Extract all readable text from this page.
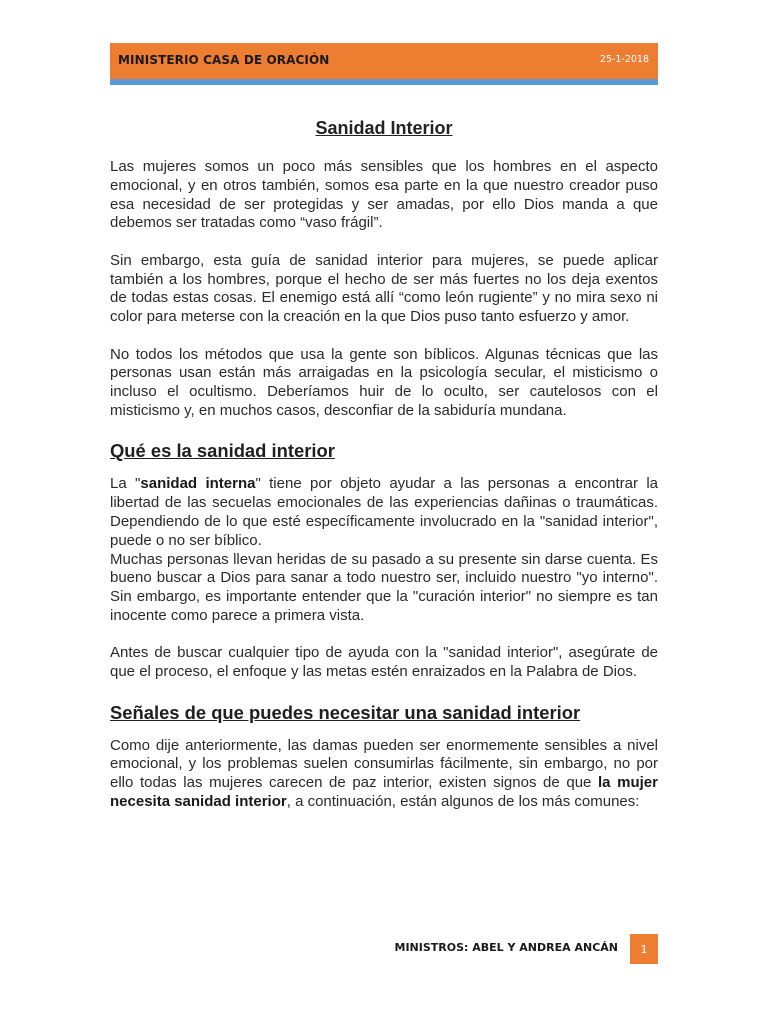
MINISTERIO CASA DE ORACIÓN	25-1-2018
Sanidad Interior

Las mujeres somos un poco más sensibles que los hombres en el aspecto emocional, y en otros también, somos esa parte en la que nuestro creador puso esa necesidad de ser protegidas y ser amadas, por ello Dios manda a que debemos ser tratadas como “vaso frágil”.

Sin embargo, esta guía de sanidad interior para mujeres, se puede aplicar también a los hombres, porque el hecho de ser más fuertes no los deja exentos de todas estas cosas. El enemigo está allí “como león rugiente” y no mira sexo ni color para meterse con la creación en la que Dios puso tanto esfuerzo y amor.

No todos los métodos que usa la gente son bíblicos. Algunas técnicas que las personas usan están más arraigadas en la psicología secular, el misticismo o incluso el ocultismo. Deberíamos huir de lo oculto, ser cautelosos con el misticismo y, en muchos casos, desconfiar de la sabiduría mundana.

Qué es la sanidad interior

La "sanidad interna" tiene por objeto ayudar a las personas a encontrar la libertad de las secuelas emocionales de las experiencias dañinas o traumáticas. Dependiendo de lo que esté específicamente involucrado en la "sanidad interior", puede o no ser bíblico.

Muchas personas llevan heridas de su pasado a su presente sin darse cuenta. Es bueno buscar a Dios para sanar a todo nuestro ser, incluido nuestro "yo interno". Sin embargo, es importante entender que la "curación interior" no siempre es tan inocente como parece a primera vista.

Antes de buscar cualquier tipo de ayuda con la "sanidad interior", asegúrate de que el proceso, el enfoque y las metas estén enraizados en la Palabra de Dios.

Señales de que puedes necesitar una sanidad interior

Como dije anteriormente, las damas pueden ser enormemente sensibles a nivel emocional, y los problemas suelen consumirlas fácilmente, sin embargo, no por ello todas las mujeres carecen de paz interior, existen signos de que la mujer necesita sanidad interior, a continuación, están algunos de los más comunes:

MINISTROS: ABEL Y ANDREA ANCÁN 1
